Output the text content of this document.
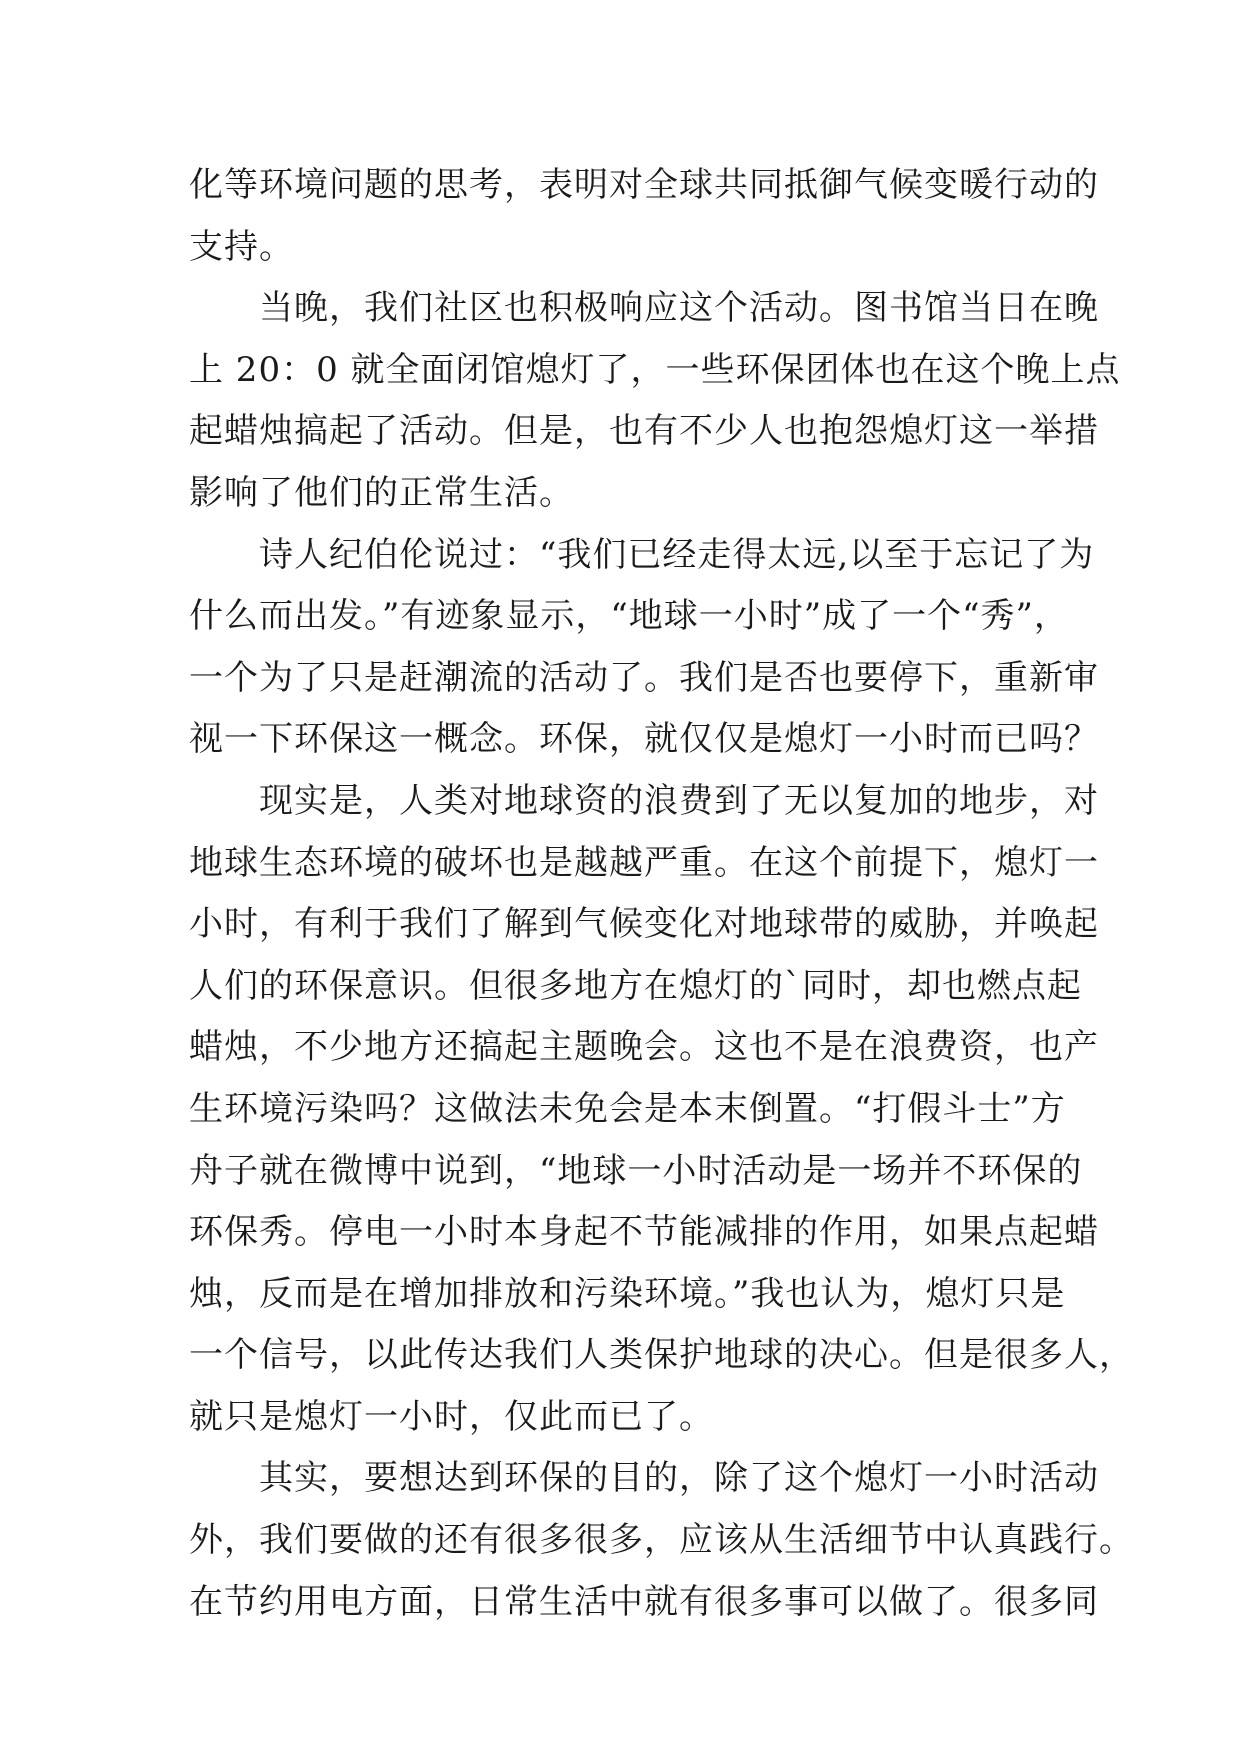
化等环境问题的思考，表明对全球共同抵御气候变暖行动的
支持。
当晚，我们社区也积极响应这个活动。图书馆当日在晚
上 20：0 就全面闭馆熄灯了，一些环保团体也在这个晚上点
起蜡烛搞起了活动。但是，也有不少人也抱怨熄灯这一举措
影响了他们的正常生活。
诗人纪伯伦说过：“我们已经走得太远,以至于忘记了为
什么而出发。”有迹象显示，“地球一小时”成了一个“秀”，
一个为了只是赶潮流的活动了。我们是否也要停下，重新审
视一下环保这一概念。环保，就仅仅是熄灯一小时而已吗？
现实是，人类对地球资的浪费到了无以复加的地步，对
地球生态环境的破坏也是越越严重。在这个前提下，熄灯一
小时，有利于我们了解到气候变化对地球带的威胁，并唤起
人们的环保意识。但很多地方在熄灯的`同时，却也燃点起
蜡烛，不少地方还搞起主题晚会。这也不是在浪费资，也产
生环境污染吗？这做法未免会是本末倒置。“打假斗士”方
舟子就在微博中说到，“地球一小时活动是一场并不环保的
环保秀。停电一小时本身起不节能减排的作用，如果点起蜡
烛，反而是在增加排放和污染环境。”我也认为，熄灯只是
一个信号，以此传达我们人类保护地球的决心。但是很多人，
就只是熄灯一小时，仅此而已了。
其实，要想达到环保的目的，除了这个熄灯一小时活动
外，我们要做的还有很多很多，应该从生活细节中认真践行。
在节约用电方面，日常生活中就有很多事可以做了。很多同
